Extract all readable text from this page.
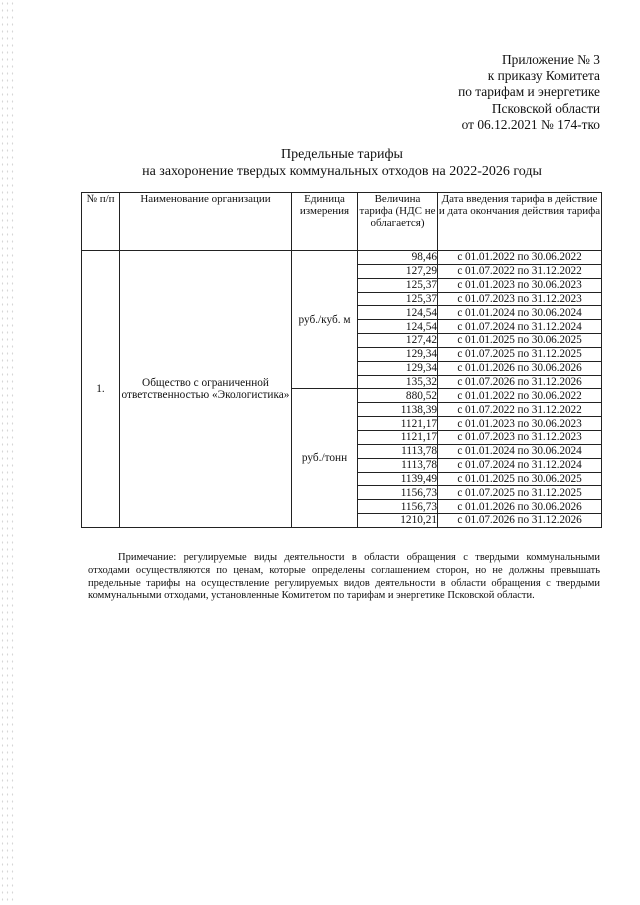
Приложение № 3
к приказу Комитета
по тарифам и энергетике
Псковской области
от 06.12.2021 № 174-тко
Предельные тарифы
на захоронение твердых коммунальных отходов на 2022-2026 годы
№ п/п	Наименование организации	Единица измерения	Величина тарифа (НДС не облагается)	Дата введения тарифа в действие и дата окончания действия тарифа
1.	Общество с ограниченной ответственностью «Экологистика»	руб./куб. м	98,46	с 01.01.2022 по 30.06.2022
			127,29	с 01.07.2022 по 31.12.2022
			125,37	с 01.01.2023 по 30.06.2023
			125,37	с 01.07.2023 по 31.12.2023
			124,54	с 01.01.2024 по 30.06.2024
			124,54	с 01.07.2024 по 31.12.2024
			127,42	с 01.01.2025 по 30.06.2025
			129,34	с 01.07.2025 по 31.12.2025
			129,34	с 01.01.2026 по 30.06.2026
			135,32	с 01.07.2026 по 31.12.2026
		руб./тонн	880,52	с 01.01.2022 по 30.06.2022
			1138,39	с 01.07.2022 по 31.12.2022
			1121,17	с 01.01.2023 по 30.06.2023
			1121,17	с 01.07.2023 по 31.12.2023
			1113,78	с 01.01.2024 по 30.06.2024
			1113,78	с 01.07.2024 по 31.12.2024
			1139,49	с 01.01.2025 по 30.06.2025
			1156,73	с 01.07.2025 по 31.12.2025
			1156,73	с 01.01.2026 по 30.06.2026
			1210,21	с 01.07.2026 по 31.12.2026
Примечание: регулируемые виды деятельности в области обращения с твердыми коммунальными отходами осуществляются по ценам, которые определены соглашением сторон, но не должны превышать предельные тарифы на осуществление регулируемых видов деятельности в области обращения с твердыми коммунальными отходами, установленные Комитетом по тарифам и энергетике Псковской области.
